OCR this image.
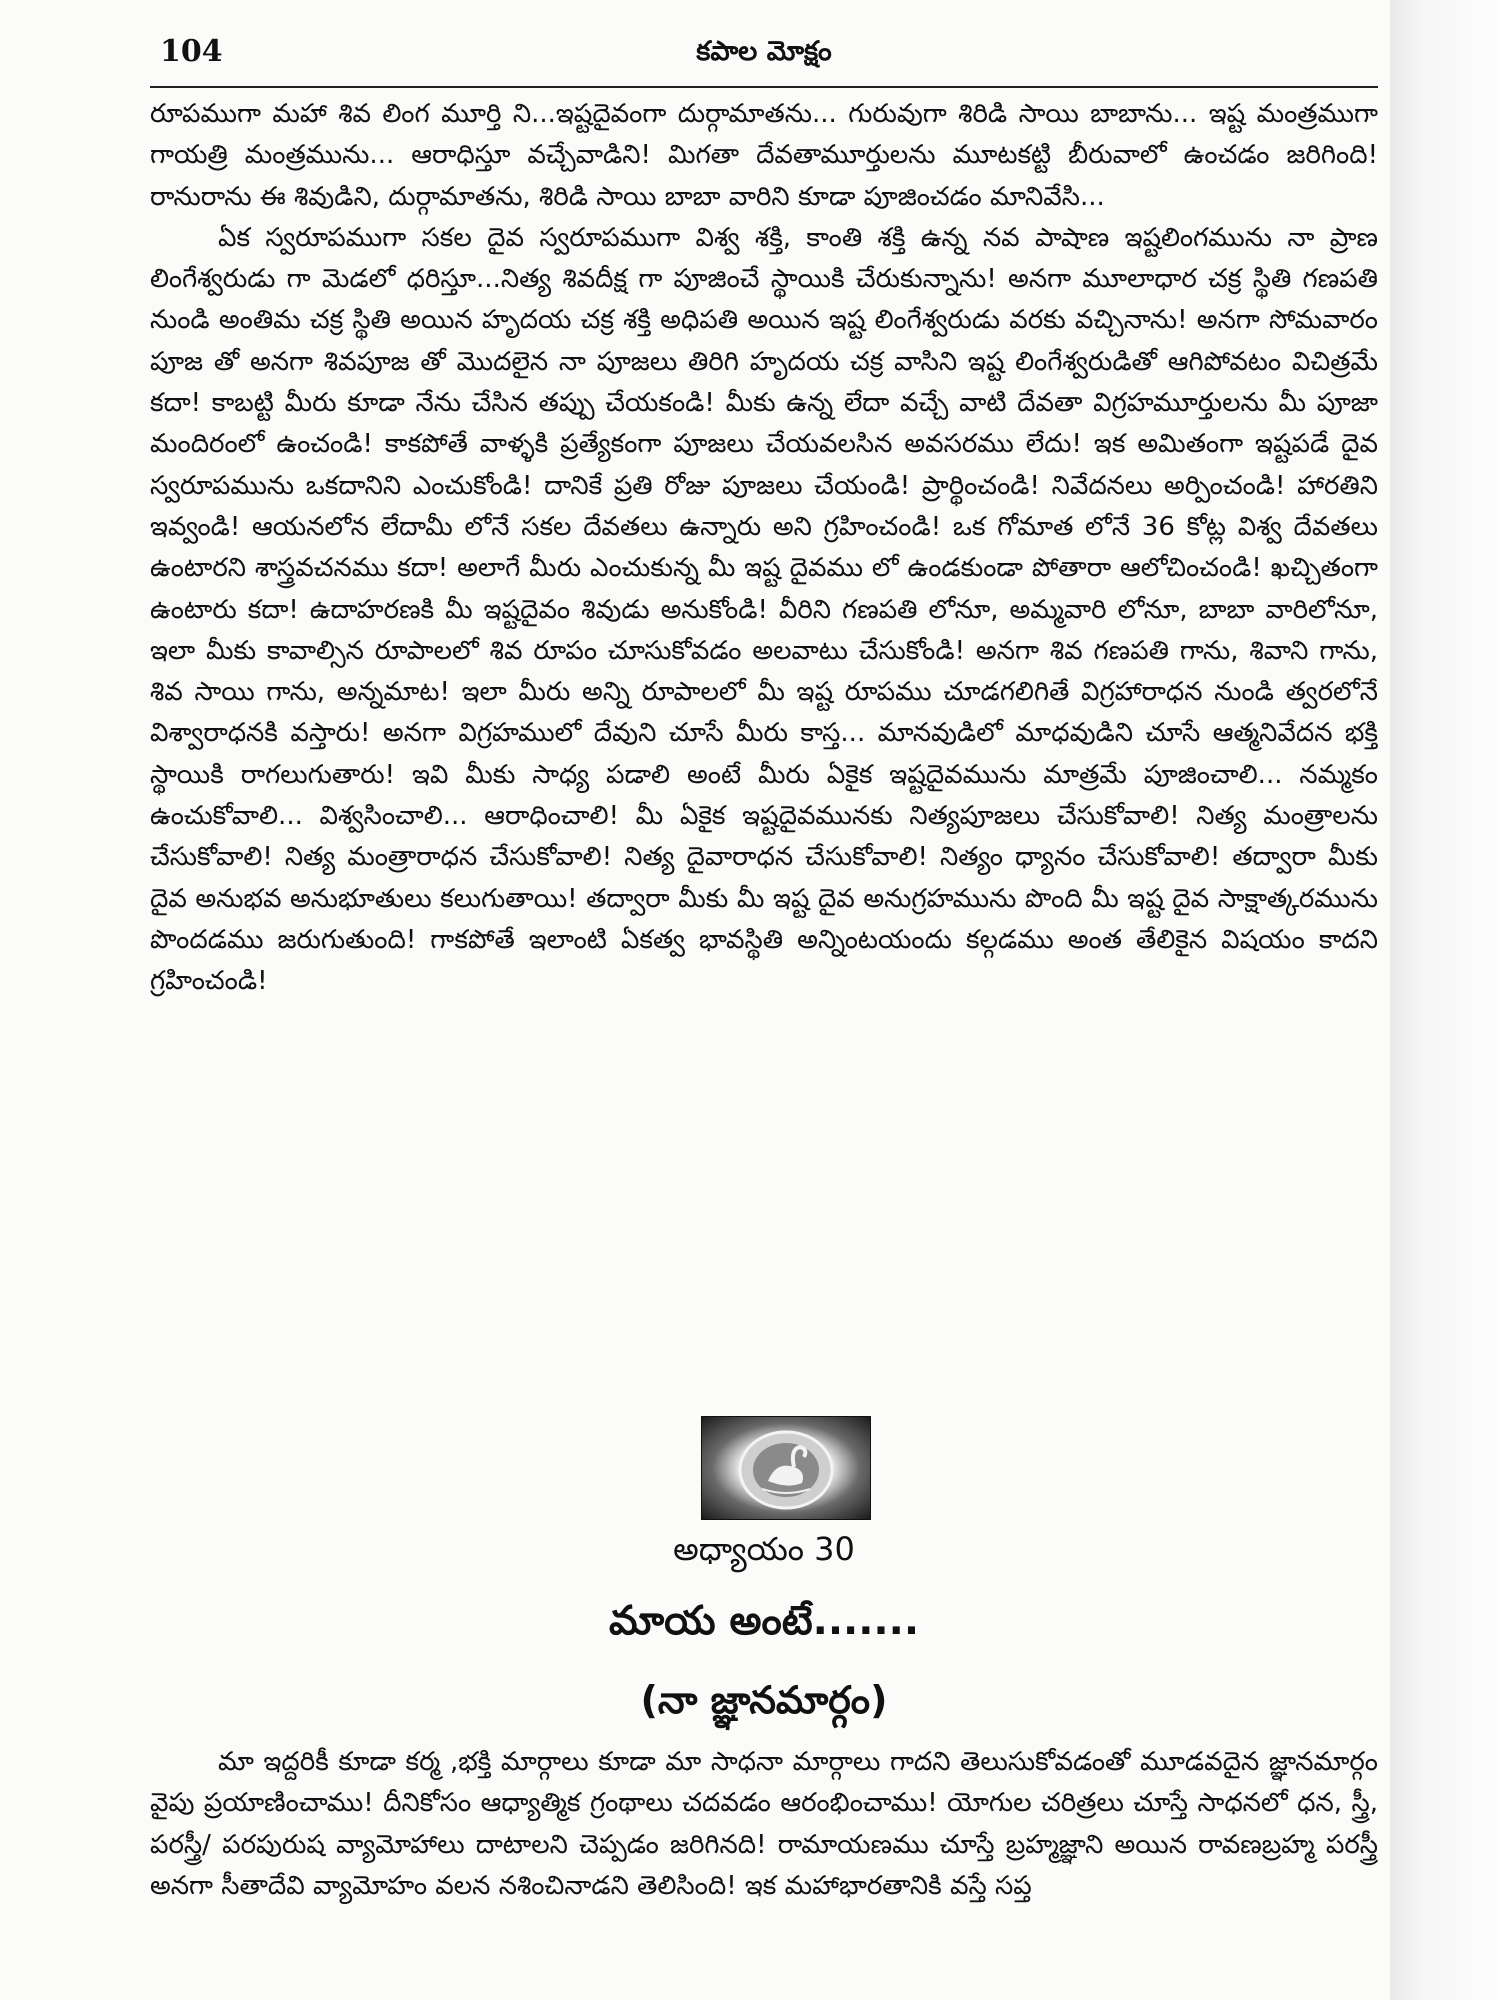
104	కపాల మోక్షం

రూపముగా మహా శివ లింగ మూర్తి ని...ఇష్టదైవంగా దుర్గామాతను... గురువుగా శిరిడి సాయి బాబాను... ఇష్ట మంత్రముగా గాయత్రి మంత్రమును... ఆరాధిస్తూ వచ్చేవాడిని! మిగతా దేవతామూర్తులను మూటకట్టి బీరువాలో ఉంచడం జరిగింది! రానురాను ఈ శివుడిని, దుర్గామాతను, శిరిడి సాయి బాబా వారిని కూడా పూజించడం మానివేసి...

ఏక స్వరూపముగా సకల దైవ స్వరూపముగా విశ్వ శక్తి, కాంతి శక్తి ఉన్న నవ పాషాణ ఇష్టలింగమును నా ప్రాణ లింగేశ్వరుడు గా మెడలో ధరిస్తూ...నిత్య శివదీక్ష గా పూజించే స్థాయికి చేరుకున్నాను! అనగా మూలాధార చక్ర స్థితి గణపతి నుండి అంతిమ చక్ర స్థితి అయిన హృదయ చక్ర శక్తి అధిపతి అయిన ఇష్ట లింగేశ్వరుడు వరకు వచ్చినాను! అనగా సోమవారం పూజ తో అనగా శివపూజ తో మొదలైన నా పూజలు తిరిగి హృదయ చక్ర వాసిని ఇష్ట లింగేశ్వరుడితో ఆగిపోవటం విచిత్రమే కదా! కాబట్టి మీరు కూడా నేను చేసిన తప్పు చేయకండి! మీకు ఉన్న లేదా వచ్చే వాటి దేవతా విగ్రహమూర్తులను మీ పూజా మందిరంలో ఉంచండి! కాకపోతే వాళ్ళకి ప్రత్యేకంగా పూజలు చేయవలసిన అవసరము లేదు! ఇక అమితంగా ఇష్టపడే దైవ స్వరూపమును ఒకదానిని ఎంచుకోండి! దానికే ప్రతి రోజు పూజలు చేయండి! ప్రార్థించండి! నివేదనలు అర్పించండి! హారతిని ఇవ్వండి! ఆయనలోన లేదామీ లోనే సకల దేవతలు ఉన్నారు అని గ్రహించండి! ఒక గోమాత లోనే 36 కోట్ల విశ్వ దేవతలు ఉంటారని శాస్త్రవచనము కదా! అలాగే మీరు ఎంచుకున్న మీ ఇష్ట దైవము లో ఉండకుండా పోతారా ఆలోచించండి! ఖచ్చితంగా ఉంటారు కదా! ఉదాహరణకి మీ ఇష్టదైవం శివుడు అనుకోండి! వీరిని గణపతి లోనూ, అమ్మవారి లోనూ, బాబా వారిలోనూ, ఇలా మీకు కావాల్సిన రూపాలలో శివ రూపం చూసుకోవడం అలవాటు చేసుకోండి! అనగా శివ గణపతి గాను, శివాని గాను, శివ సాయి గాను, అన్నమాట! ఇలా మీరు అన్ని రూపాలలో మీ ఇష్ట రూపము చూడగలిగితే విగ్రహారాధన నుండి త్వరలోనే విశ్వారాధనకి వస్తారు! అనగా విగ్రహములో దేవుని చూసే మీరు కాస్త... మానవుడిలో మాధవుడిని చూసే ఆత్మనివేదన భక్తి స్థాయికి రాగలుగుతారు! ఇవి మీకు సాధ్య పడాలి అంటే మీరు ఏకైక ఇష్టదైవమును మాత్రమే పూజించాలి... నమ్మకం ఉంచుకోవాలి... విశ్వసించాలి... ఆరాధించాలి! మీ ఏకైక ఇష్టదైవమునకు నిత్యపూజలు చేసుకోవాలి! నిత్య మంత్రాలను చేసుకోవాలి! నిత్య మంత్రారాధన చేసుకోవాలి! నిత్య దైవారాధన చేసుకోవాలి! నిత్యం ధ్యానం చేసుకోవాలి! తద్వారా మీకు దైవ అనుభవ అనుభూతులు కలుగుతాయి! తద్వారా మీకు మీ ఇష్ట దైవ అనుగ్రహమును పొంది మీ ఇష్ట దైవ సాక్షాత్కరమును పొందడము జరుగుతుంది! గాకపోతే ఇలాంటి ఏకత్వ భావస్థితి అన్నింటయందు కల్గడము అంత తేలికైన విషయం కాదని గ్రహించండి!

అధ్యాయం 30
మాయ అంటే.......
(నా జ్ఞానమార్గం)

మా ఇద్దరికీ కూడా కర్మ ,భక్తి మార్గాలు కూడా మా సాధనా మార్గాలు గాదని తెలుసుకోవడంతో మూడవదైన జ్ఞానమార్గం వైపు ప్రయాణించాము! దీనికోసం ఆధ్యాత్మిక గ్రంథాలు చదవడం ఆరంభించాము! యోగుల చరిత్రలు చూస్తే సాధనలో ధన, స్త్రీ, పరస్త్రీ/ పరపురుష వ్యామోహాలు దాటాలని చెప్పడం జరిగినది! రామాయణము చూస్తే బ్రహ్మజ్ఞాని అయిన రావణబ్రహ్మ పరస్త్రీ అనగా సీతాదేవి వ్యామోహం వలన నశించినాడని తెలిసింది! ఇక మహాభారతానికి వస్తే సప్త
